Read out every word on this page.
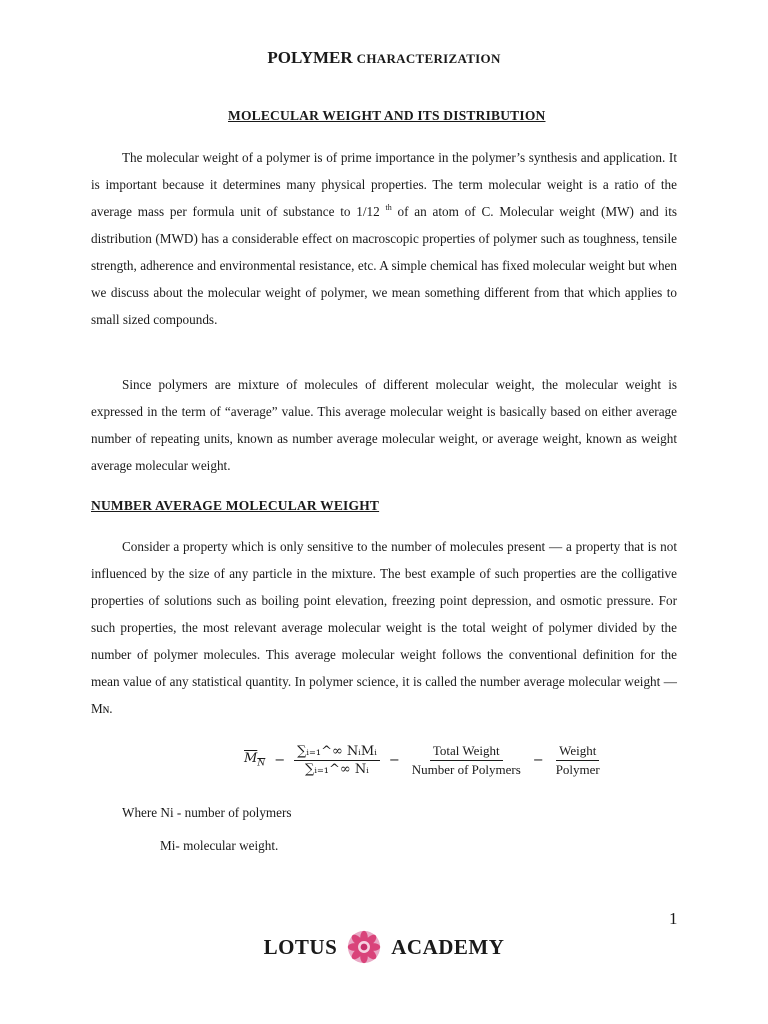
POLYMER CHARACTERIZATION
MOLECULAR WEIGHT AND ITS DISTRIBUTION

The molecular weight of a polymer is of prime importance in the polymer’s synthesis and application. It is important because it determines many physical properties. The term molecular weight is a ratio of the average mass per formula unit of substance to 1/12 $^{th}$ of an atom of C. Molecular weight (MW) and its distribution (MWD) has a considerable effect on macroscopic properties of polymer such as toughness, tensile strength, adherence and environmental resistance, etc. A simple chemical has fixed molecular weight but when we discuss about the molecular weight of polymer, we mean something different from that which applies to small sized compounds.

Since polymers are mixture of molecules of different molecular weight, the molecular weight is expressed in the term of “average” value. This average molecular weight is basically based on either average number of repeating units, known as number average molecular weight, or average weight, known as weight average molecular weight.

NUMBER AVERAGE MOLECULAR WEIGHT

Consider a property which is only sensitive to the number of molecules present — a property that is not influenced by the size of any particle in the mixture. The best example of such properties are the colligative properties of solutions such as boiling point elevation, freezing point depression, and osmotic pressure. For such properties, the most relevant average molecular weight is the total weight of polymer divided by the number of polymer molecules. This average molecular weight follows the conventional definition for the mean value of any statistical quantity. In polymer science, it is called the number average molecular weight — Mɴ.

$M_N - \frac{\text{∑ᵢ₌₁\textasciicircum{}∞ NᵢMᵢ}}{\text{∑ᵢ₌₁\textasciicircum{}∞ Nᵢ}} - \frac{\text{Total Weight}}{\text{Number of Polymers}} - \frac{\text{Weight}}{\text{Polymer}}$
Where Ni - number of polymers
Mi- molecular weight.
1
LOTUS	ACADEMY
